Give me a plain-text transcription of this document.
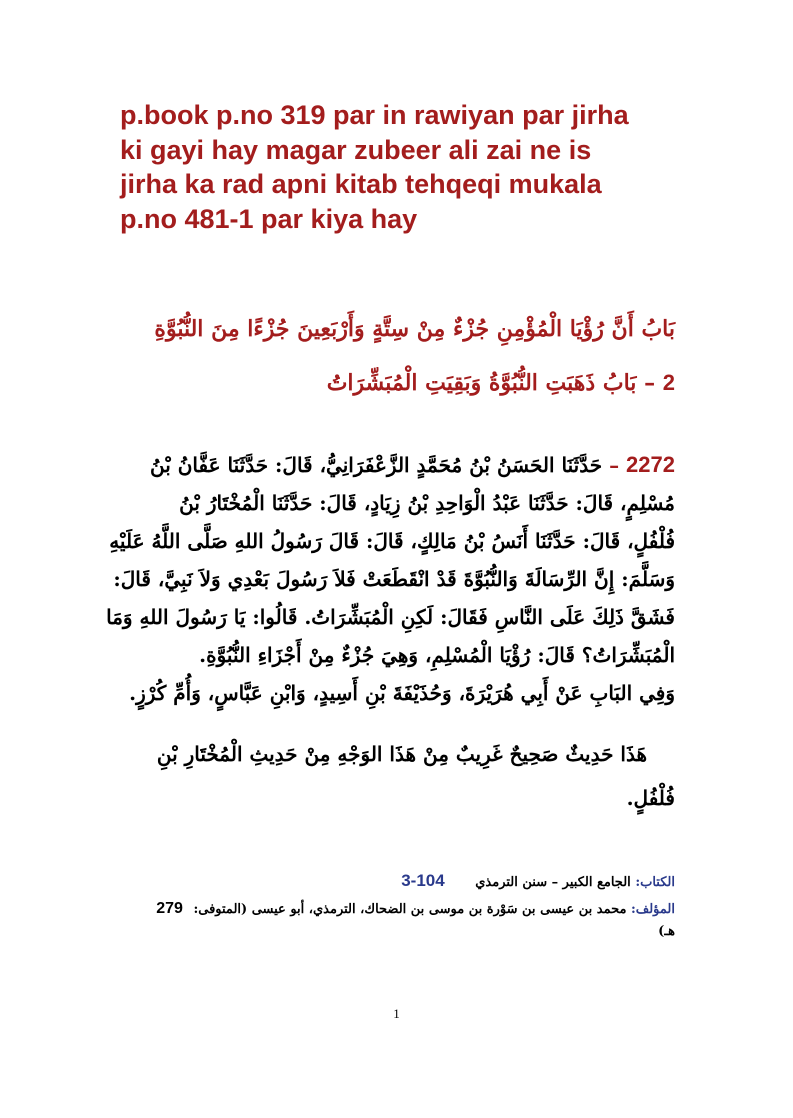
p.book p.no 319 par in rawiyan par jirha
ki gayi hay magar zubeer ali zai ne is
jirha ka rad apni kitab tehqeqi mukala
p.no 481-1 par kiya hay
بَابُ أَنَّ رُؤْيَا الْمُؤْمِنِ جُزْءٌ مِنْ سِتَّةٍ وَأَرْبَعِينَ جُزْءًا مِنَ النُّبُوَّةِ
2 – بَابُ ذَهَبَتِ النُّبُوَّةُ وَبَقِيَتِ الْمُبَشِّرَاتُ
2272 – حَدَّثَنَا الحَسَنُ بْنُ مُحَمَّدٍ الزَّعْفَرَانِيُّ، قَالَ: حَدَّثَنَا عَفَّانُ بْنُ
مُسْلِمٍ، قَالَ: حَدَّثَنَا عَبْدُ الْوَاحِدِ بْنُ زِيَادٍ، قَالَ: حَدَّثَنَا الْمُخْتَارُ بْنُ
فُلْفُلٍ، قَالَ: حَدَّثَنَا أَنَسُ بْنُ مَالِكٍ، قَالَ: قَالَ رَسُولُ اللهِ صَلَّى اللَّهُ عَلَيْهِ
وَسَلَّمَ: إِنَّ الرِّسَالَةَ وَالنُّبُوَّةَ قَدْ انْقَطَعَتْ فَلاَ رَسُولَ بَعْدِي وَلاَ نَبِيَّ، قَالَ:
فَشَقَّ ذَلِكَ عَلَى النَّاسِ فَقَالَ: لَكِنِ الْمُبَشِّرَاتُ. قَالُوا: يَا رَسُولَ اللهِ وَمَا
الْمُبَشِّرَاتُ؟ قَالَ: رُؤْيَا الْمُسْلِمِ، وَهِيَ جُزْءٌ مِنْ أَجْزَاءِ النُّبُوَّةِ.
وَفِي البَابِ عَنْ أَبِي هُرَيْرَةَ، وَحُذَيْفَةَ بْنِ أَسِيدٍ، وَابْنِ عَبَّاسٍ، وَأُمِّ كُرْزٍ.
هَذَا حَدِيثٌ صَحِيحٌ غَرِيبٌ مِنْ هَذَا الوَجْهِ مِنْ حَدِيثِ الْمُخْتَارِ بْنِ
فُلْفُلٍ.
الكتاب: الجامع الكبير – سنن الترمذي 104-3
المؤلف: محمد بن عيسى بن سَوْرة بن موسى بن الضحاك، الترمذي، أبو عيسى (المتوفى: 279
هـ)
1
